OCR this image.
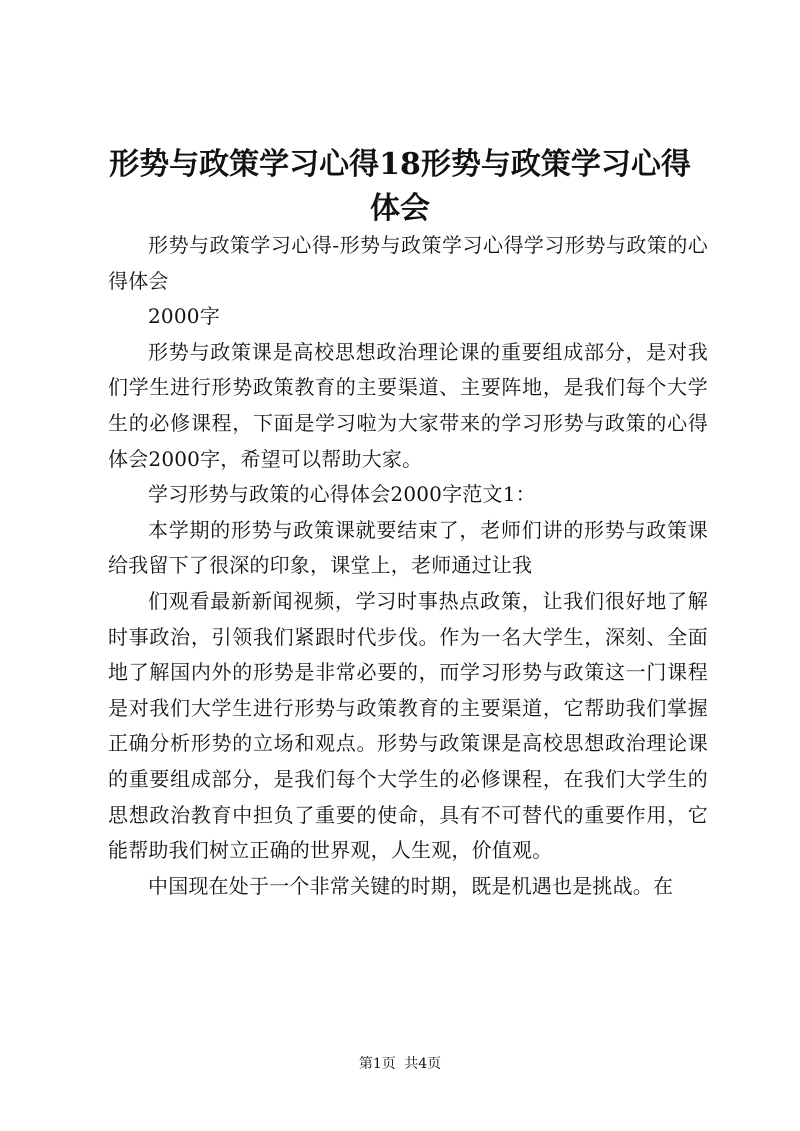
形势与政策学习心得18形势与政策学习心得
体会

形势与政策学习心得-形势与政策学习心得学习形势与政策的心得体会

2000字

形势与政策课是高校思想政治理论课的重要组成部分，是对我们学生进行形势政策教育的主要渠道、主要阵地，是我们每个大学生的必修课程，下面是学习啦为大家带来的学习形势与政策的心得体会2000字，希望可以帮助大家。

学习形势与政策的心得体会2000字范文1：

本学期的形势与政策课就要结束了，老师们讲的形势与政策课给我留下了很深的印象，课堂上，老师通过让我

们观看最新新闻视频，学习时事热点政策，让我们很好地了解时事政治，引领我们紧跟时代步伐。作为一名大学生，深刻、全面地了解国内外的形势是非常必要的，而学习形势与政策这一门课程是对我们大学生进行形势与政策教育的主要渠道，它帮助我们掌握正确分析形势的立场和观点。形势与政策课是高校思想政治理论课的重要组成部分，是我们每个大学生的必修课程，在我们大学生的思想政治教育中担负了重要的使命，具有不可替代的重要作用，它能帮助我们树立正确的世界观，人生观，价值观。

中国现在处于一个非常关键的时期，既是机遇也是挑战。在

第1页 共4页
